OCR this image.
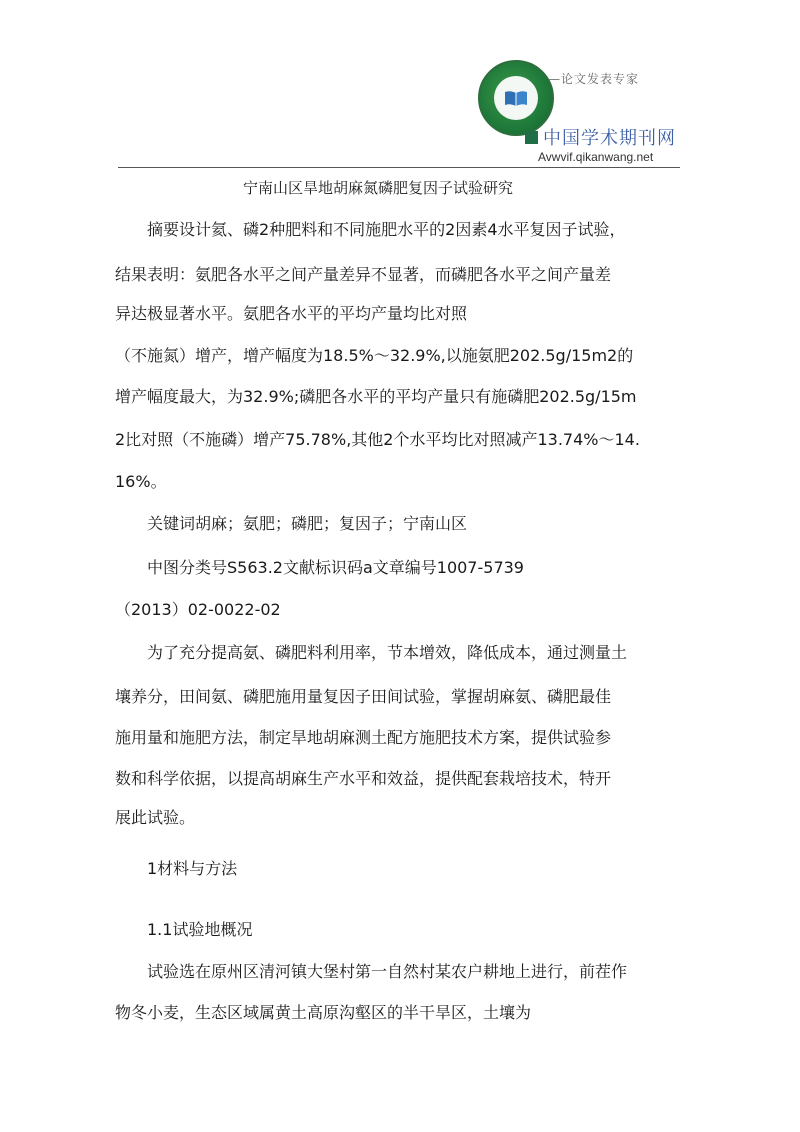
—论文发表专家
中国学术期刊网
Avwvif.qikanwang.net
宁南山区旱地胡麻氮磷肥复因子试验研究
　　摘要设计氦、磷2种肥料和不同施肥水平的2因素4水平复因子试验，
结果表明：氨肥各水平之间产量差异不显著，而磷肥各水平之间产量差
异达极显著水平。氨肥各水平的平均产量均比对照
（不施氮）增产，增产幅度为18.5%～32.9%,以施氨肥202.5g/15m2的
增产幅度最大，为32.9%;磷肥各水平的平均产量只有施磷肥202.5g/15m
2比对照（不施磷）增产75.78%,其他2个水平均比对照减产13.74%～14.
16%。
　　关键词胡麻；氨肥；磷肥；复因子；宁南山区
　　中图分类号S563.2文献标识码a文章编号1007-5739
（2013）02-0022-02
　　为了充分提高氨、磷肥料利用率，节本增效，降低成本，通过测量土
壤养分，田间氨、磷肥施用量复因子田间试验，掌握胡麻氨、磷肥最佳
施用量和施肥方法，制定旱地胡麻测土配方施肥技术方案，提供试验参
数和科学依据，以提高胡麻生产水平和效益，提供配套栽培技术，特开
展此试验。
　　1材料与方法
　　1.1试验地概况
　　试验选在原州区清河镇大堡村第一自然村某农户耕地上进行，前茬作
物冬小麦，生态区域属黄土高原沟壑区的半干旱区，土壤为
